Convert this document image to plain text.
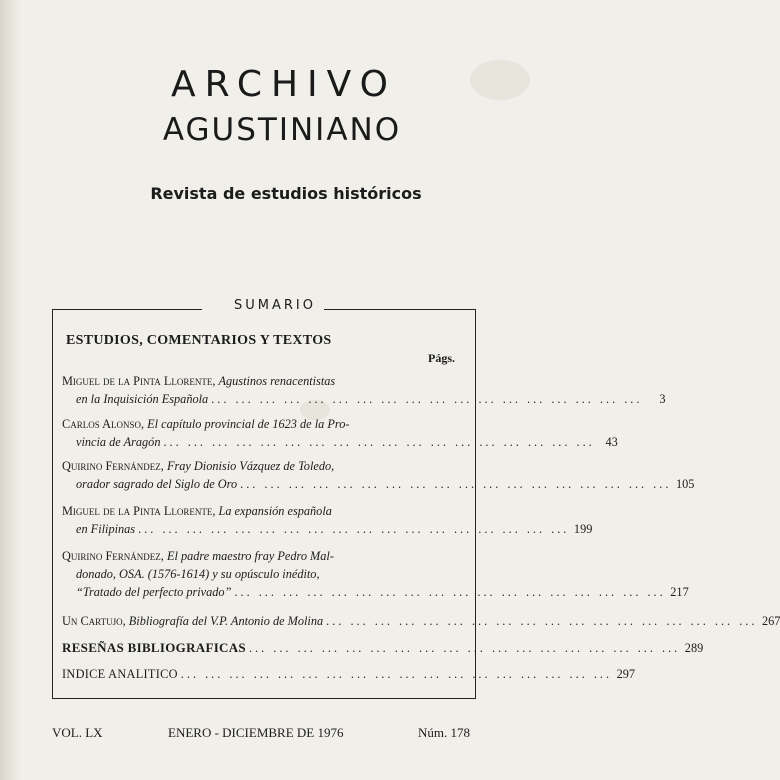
ARCHIVO
AGUSTINIANO
Revista de estudios históricos
SUMARIO
ESTUDIOS, COMENTARIOS Y TEXTOS
Págs.
Miguel de la Pinta Llorente,
Agustinos renacentistas
en la Inquisición Española ... ... ... ... ... ... ... ... ... ... ... ... ... ... ... ... ... ...	3
Carlos Alonso,
El capítulo provincial de 1623 de la Pro-
vincia de Aragón ... ... ... ... ... ... ... ... ... ... ... ... ... ... ... ... ... ... 43
Quirino Fernández,
Fray Dionisio Vázquez de Toledo,
orador sagrado del Siglo de Oro ... ... ... ... ... ... ... ... ... ... ... ... ... ... ... ... ... ... 105
Miguel de la Pinta Llorente,
La expansión española
en Filipinas ... ... ... ... ... ... ... ... ... ... ... ... ... ... ... ... ... ... 199
Quirino Fernández,
El padre maestro fray Pedro Mal-
donado, OSA. (1576-1614) y su opúsculo inédito,
“Tratado del perfecto privado” ... ... ... ... ... ... ... ... ... ... ... ... ... ... ... ... ... ... 217
Un Cartujo,
Bibliografía del V.P. Antonio de Molina ... ... ... ... ... ... ... ... ... ... ... ... ... ... ... ... ... ... 267
RESEÑAS BIBLIOGRAFICAS ... ... ... ... ... ... ... ... ... ... ... ... ... ... ... ... ... ... 289
INDICE ANALITICO ... ... ... ... ... ... ... ... ... ... ... ... ... ... ... ... ... ... 297
VOL. LX	ENERO - DICIEMBRE DE 1976	Núm. 178
